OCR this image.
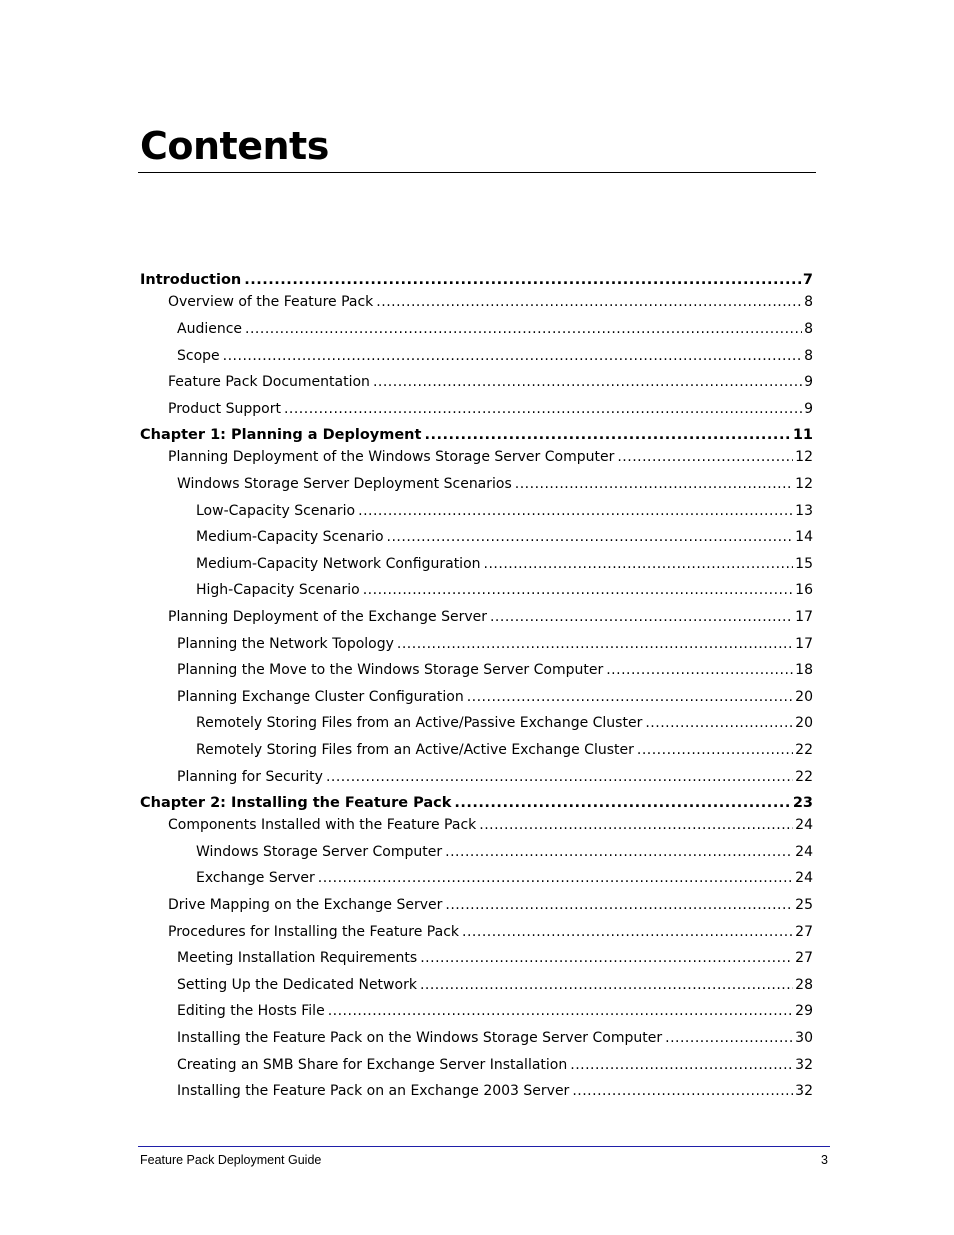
Contents
Introduction .....	7
Overview of the Feature Pack .....	8
Audience .....	8
Scope .....	8
Feature Pack Documentation .....	9
Product Support .....	9
Chapter 1: Planning a Deployment .....	11
Planning Deployment of the Windows Storage Server Computer .....	12
Windows Storage Server Deployment Scenarios .....	12
Low-Capacity Scenario .....	13
Medium-Capacity Scenario .....	14
Medium-Capacity Network Configuration .....	15
High-Capacity Scenario .....	16
Planning Deployment of the Exchange Server .....	17
Planning the Network Topology .....	17
Planning the Move to the Windows Storage Server Computer .....	18
Planning Exchange Cluster Configuration .....	20
Remotely Storing Files from an Active/Passive Exchange Cluster .....	20
Remotely Storing Files from an Active/Active Exchange Cluster .....	22
Planning for Security .....	22
Chapter 2: Installing the Feature Pack .....	23
Components Installed with the Feature Pack .....	24
Windows Storage Server Computer .....	24
Exchange Server .....	24
Drive Mapping on the Exchange Server .....	25
Procedures for Installing the Feature Pack .....	27
Meeting Installation Requirements .....	27
Setting Up the Dedicated Network .....	28
Editing the Hosts File .....	29
Installing the Feature Pack on the Windows Storage Server Computer .....	30
Creating an SMB Share for Exchange Server Installation .....	32
Installing the Feature Pack on an Exchange 2003 Server .....	32
Feature Pack Deployment Guide	3
